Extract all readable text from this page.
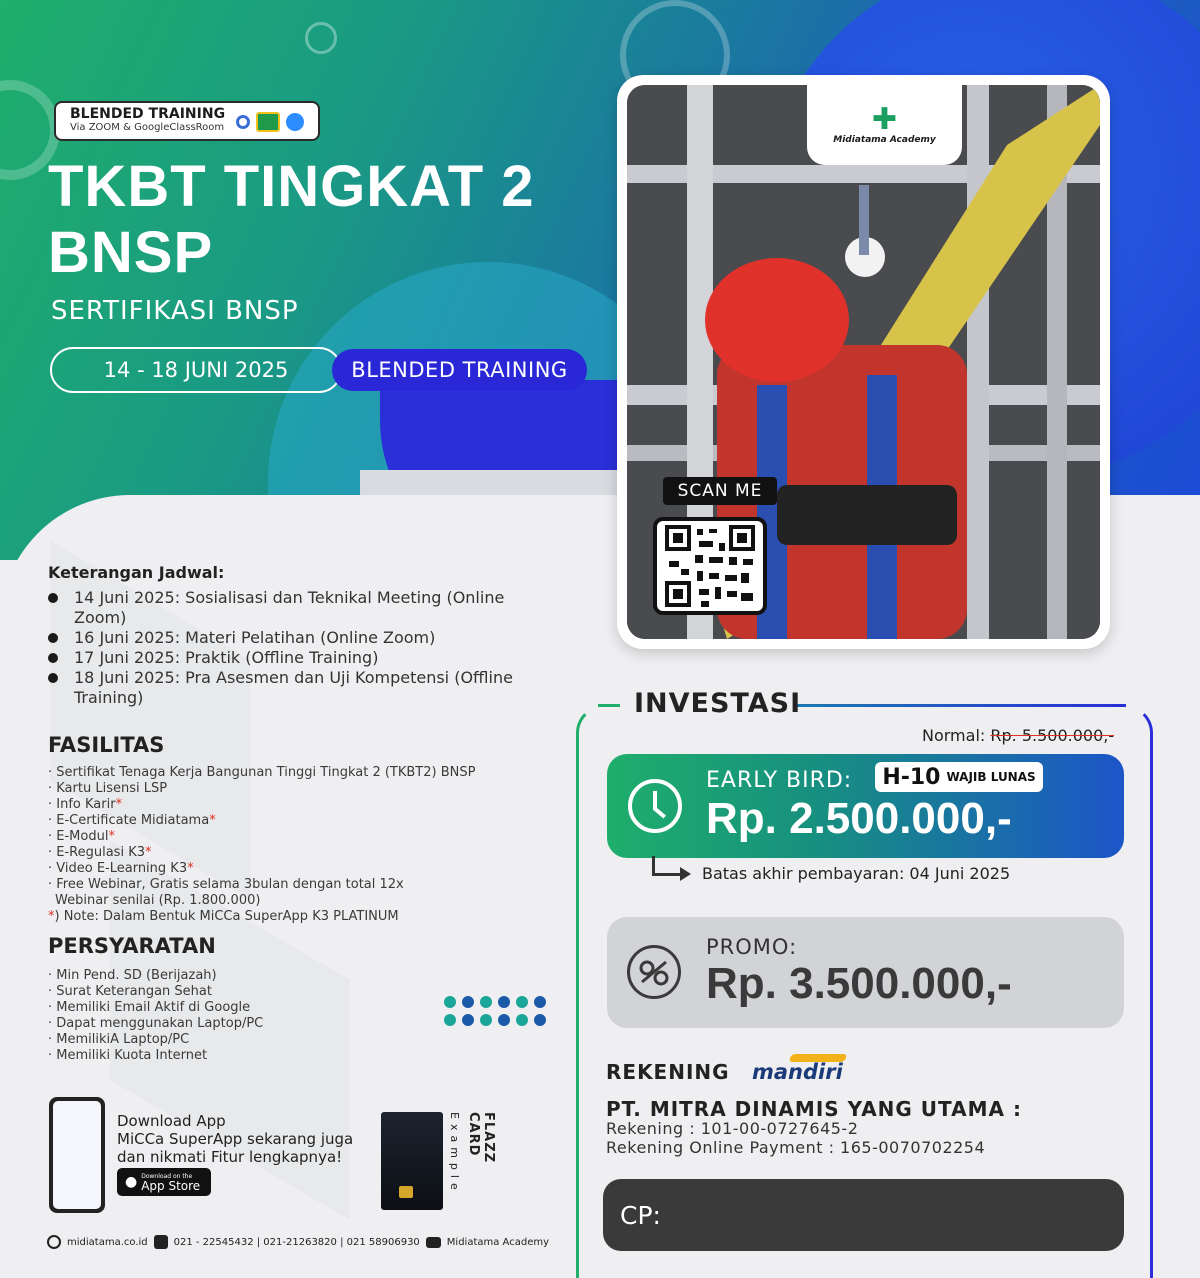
BLENDED TRAINING
Via ZOOM & GoogleClassRoom
TKBT TINGKAT 2
BNSP
SERTIFIKASI BNSP
14 - 18 JUNI 2025	BLENDED TRAINING
✚
Midiatama Academy
SCAN ME
Keterangan Jadwal:
14 Juni 2025: Sosialisasi dan Teknikal Meeting (Online Zoom)
16 Juni 2025: Materi Pelatihan (Online Zoom)
17 Juni 2025: Praktik (Offline Training)
18 Juni 2025: Pra Asesmen dan Uji Kompetensi (Offline Training)
FASILITAS
· Sertifikat Tenaga Kerja Bangunan Tinggi Tingkat 2 (TKBT2) BNSP
· Kartu Lisensi LSP
· Info Karir*
· E-Certificate Midiatama*
· E-Modul*
· E-Regulasi K3*
· Video E-Learning K3*
· Free Webinar, Gratis selama 3bulan dengan total 12x
Webinar senilai (Rp. 1.800.000)
*) Note: Dalam Bentuk MiCCa SuperApp K3 PLATINUM
PERSYARATAN
· Min Pend. SD (Berijazah)
· Surat Keterangan Sehat
· Memiliki Email Aktif di Google
· Dapat menggunakan Laptop/PC
· MemilikiA Laptop/PC
· Memiliki Kuota Internet
Download App
MiCCa SuperApp sekarang juga
dan nikmati Fitur lengkapnya!
● Download on the
App Store
FLAZZ CARD
Example
midiatama.co.id	021 - 22545432 | 021-21263820 | 021 58906930	Midiatama Academy
INVESTASI
Normal: Rp. 5.500.000,-
EARLY BIRD:
Rp. 2.500.000,-
H-10 WAJIB LUNAS
Batas akhir pembayaran: 04 Juni 2025
PROMO:
Rp. 3.500.000,-
REKENING mandiri
PT. MITRA DINAMIS YANG UTAMA :
Rekening : 101-00-0727645-2
Rekening Online Payment : 165-0070702254
CP:
